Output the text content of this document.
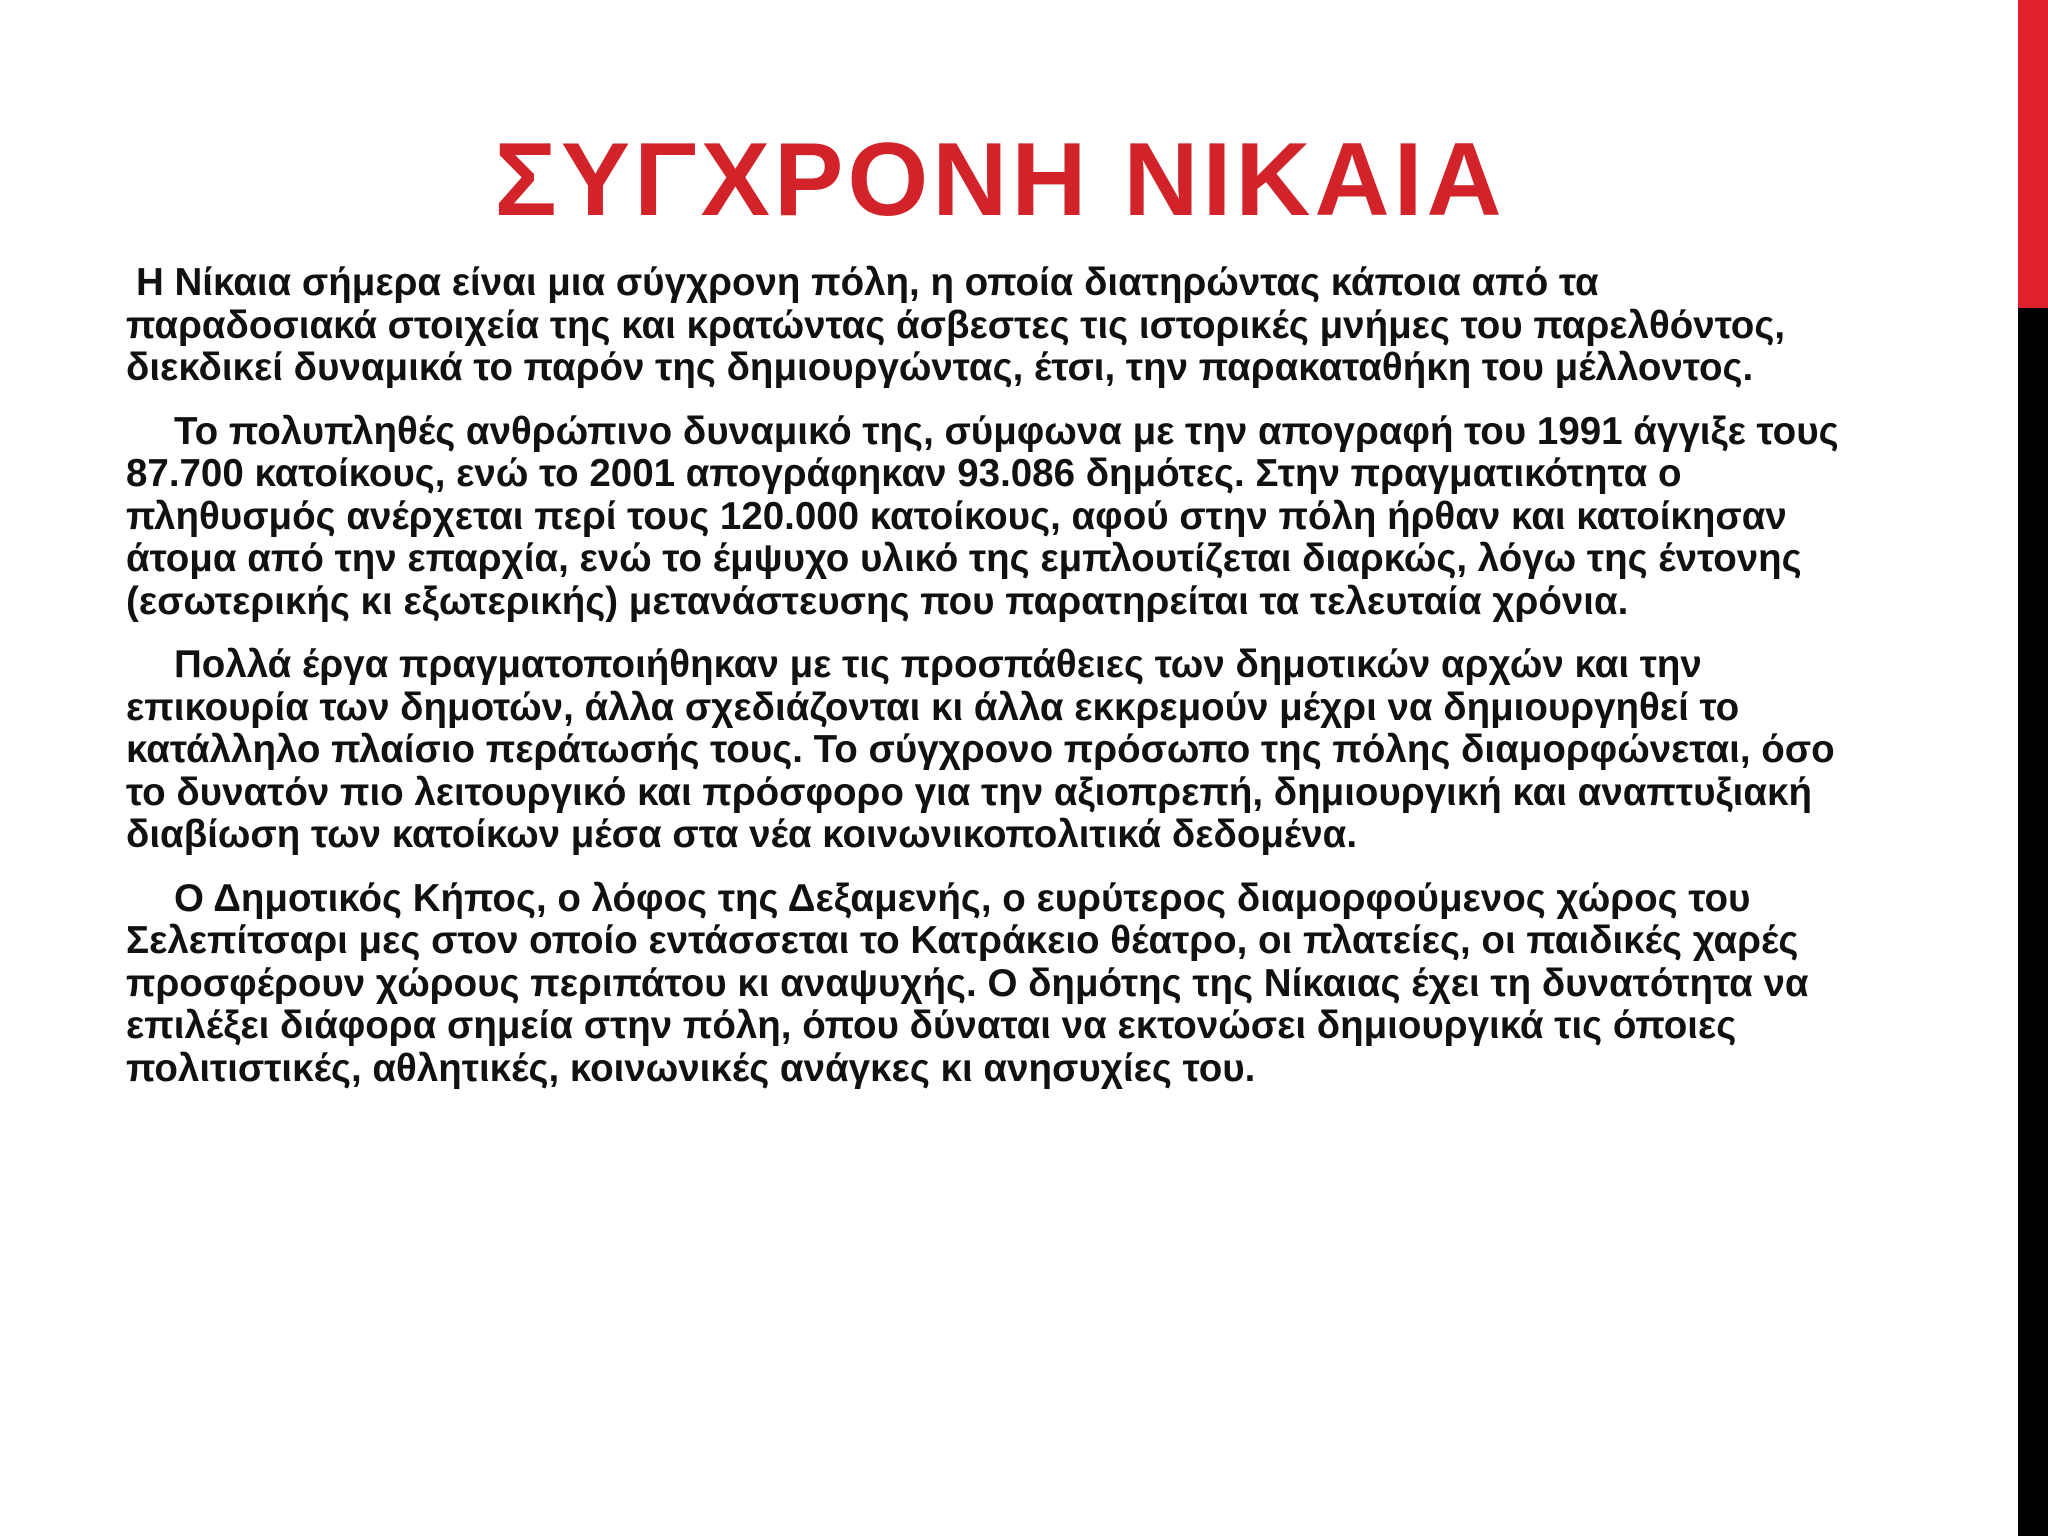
ΣΥΓΧΡΟΝΗ ΝΙΚΑΙΑ

Η Νίκαια σήμερα είναι μια σύγχρονη πόλη, η οποία διατηρώντας κάποια από τα παραδοσιακά στοιχεία της και κρατώντας άσβεστες τις ιστορικές μνήμες του παρελθόντος, διεκδικεί δυναμικά το παρόν της δημιουργώντας, έτσι, την παρακαταθήκη του μέλλοντος.

Το πολυπληθές ανθρώπινο δυναμικό της, σύμφωνα με την απογραφή του 1991 άγγιξε τους 87.700 κατοίκους, ενώ το 2001 απογράφηκαν 93.086 δημότες. Στην πραγματικότητα ο πληθυσμός ανέρχεται περί τους 120.000 κατοίκους, αφού στην πόλη ήρθαν και κατοίκησαν άτομα από την επαρχία, ενώ το έμψυχο υλικό της εμπλουτίζεται διαρκώς, λόγω της έντονης (εσωτερικής κι εξωτερικής) μετανάστευσης που παρατηρείται τα τελευταία χρόνια.

Πολλά έργα πραγματοποιήθηκαν με τις προσπάθειες των δημοτικών αρχών και την επικουρία των δημοτών, άλλα σχεδιάζονται κι άλλα εκκρεμούν μέχρι να δημιουργηθεί το κατάλληλο πλαίσιο περάτωσής τους. Το σύγχρονο πρόσωπο της πόλης διαμορφώνεται, όσο το δυνατόν πιο λειτουργικό και πρόσφορο για την αξιοπρεπή, δημιουργική και αναπτυξιακή διαβίωση των κατοίκων μέσα στα νέα κοινωνικοπολιτικά δεδομένα.

Ο Δημοτικός Κήπος, ο λόφος της Δεξαμενής, ο ευρύτερος διαμορφούμενος χώρος του Σελεπίτσαρι μες στον οποίο εντάσσεται το Κατράκειο θέατρο, οι πλατείες, οι παιδικές χαρές προσφέρουν χώρους περιπάτου κι αναψυχής. Ο δημότης της Νίκαιας έχει τη δυνατότητα να επιλέξει διάφορα σημεία στην πόλη, όπου δύναται να εκτονώσει δημιουργικά τις όποιες πολιτιστικές, αθλητικές, κοινωνικές ανάγκες κι ανησυχίες του.
